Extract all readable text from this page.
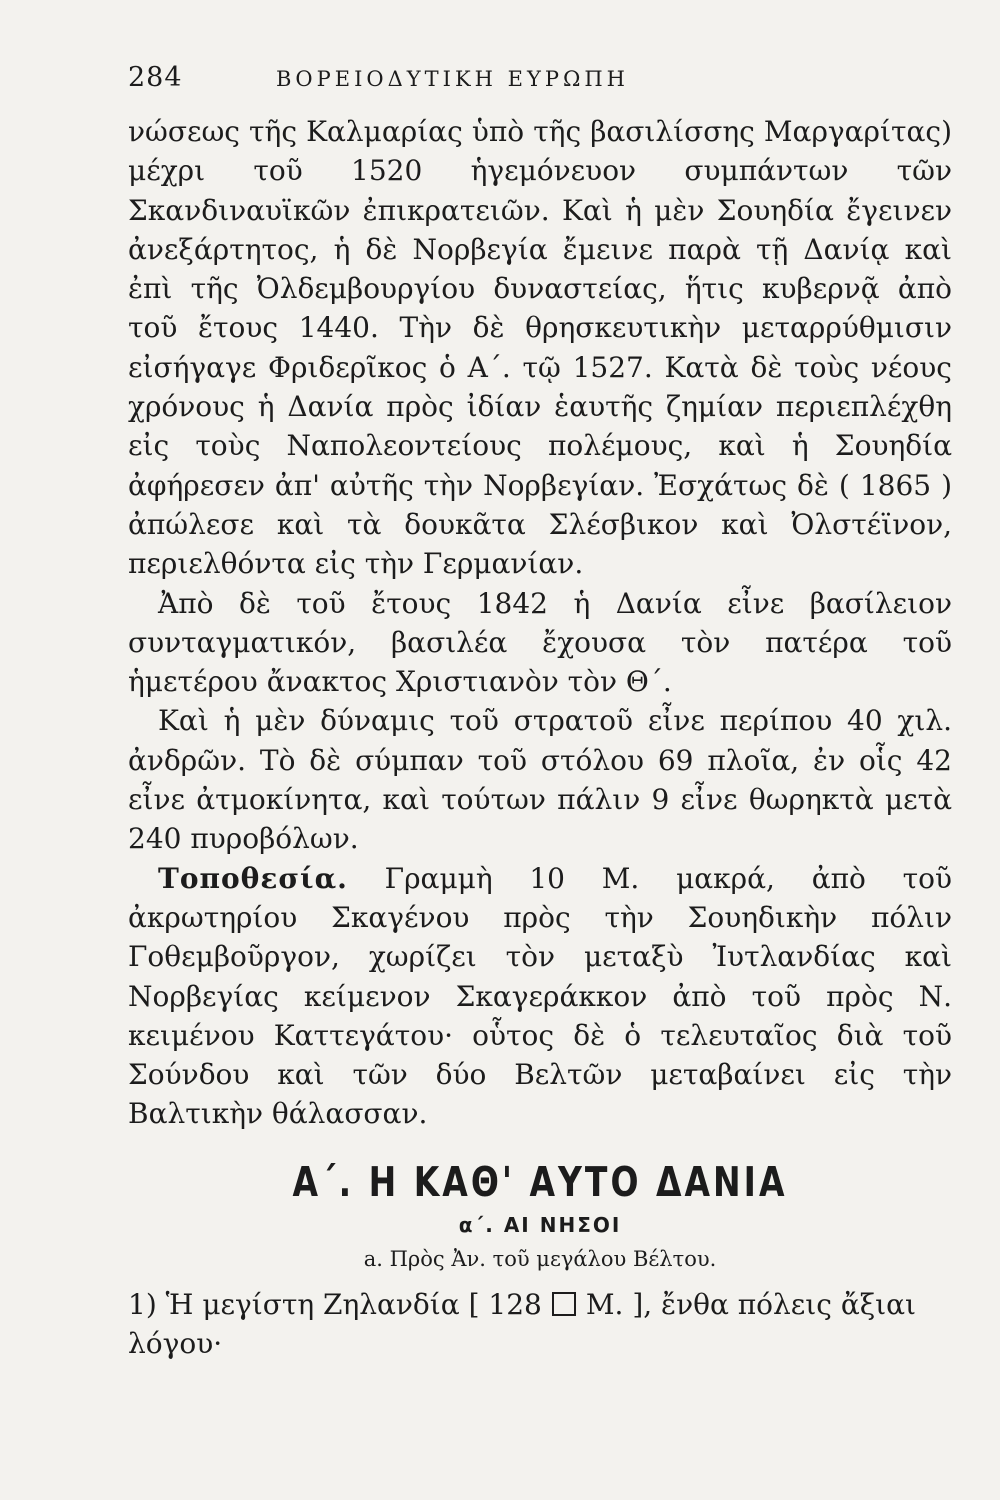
284	ΒΟΡΕΙΟΔΥΤΙΚΗ ΕΥΡΩΠΗ

νώσεως τῆς Καλμαρίας ὑπὸ τῆς βασιλίσσης Μαργαρίτας) μέχρι τοῦ 1520 ἡγεμόνευον συμπάντων τῶν Σκανδιναυϊκῶν ἐπικρατειῶν. Καὶ ἡ μὲν Σουηδία ἔγεινεν ἀνεξάρτητος, ἡ δὲ Νορβεγία ἔμεινε παρὰ τῇ Δανίᾳ καὶ ἐπὶ τῆς Ὀλδεμβουργίου δυναστείας, ἥτις κυβερνᾷ ἀπὸ τοῦ ἔτους 1440. Τὴν δὲ θρησκευτικὴν μεταρρύθμισιν εἰσήγαγε Φριδερῖκος ὁ Α΄. τῷ 1527. Κατὰ δὲ τοὺς νέους χρόνους ἡ Δανία πρὸς ἰδίαν ἑαυτῆς ζημίαν περιεπλέχθη εἰς τοὺς Ναπολεοντείους πολέμους, καὶ ἡ Σουηδία ἀφήρεσεν ἀπ' αὐτῆς τὴν Νορβεγίαν. Ἐσχάτως δὲ ( 1865 ) ἀπώλεσε καὶ τὰ δουκᾶτα Σλέσβικον καὶ Ὀλστέϊνον, περιελθόντα εἰς τὴν Γερμανίαν.

Ἀπὸ δὲ τοῦ ἔτους 1842 ἡ Δανία εἶνε βασίλειον συνταγματικόν, βασιλέα ἔχουσα τὸν πατέρα τοῦ ἡμετέρου ἄνακτος Χριστιανὸν τὸν Θ΄.

Καὶ ἡ μὲν δύναμις τοῦ στρατοῦ εἶνε περίπου 40 χιλ. ἀνδρῶν. Τὸ δὲ σύμπαν τοῦ στόλου 69 πλοῖα, ἐν οἷς 42 εἶνε ἀτμοκίνητα, καὶ τούτων πάλιν 9 εἶνε θωρηκτὰ μετὰ 240 πυροβόλων.

Τοποθεσία. Γραμμὴ 10 Μ. μακρά, ἀπὸ τοῦ ἀκρωτηρίου Σκαγένου πρὸς τὴν Σουηδικὴν πόλιν Γοθεμβοῦργον, χωρίζει τὸν μεταξὺ Ἰυτλανδίας καὶ Νορβεγίας κείμενον Σκαγεράκκον ἀπὸ τοῦ πρὸς Ν. κειμένου Καττεγάτου· οὗτος δὲ ὁ τελευταῖος διὰ τοῦ Σούνδου καὶ τῶν δύο Βελτῶν μεταβαίνει εἰς τὴν Βαλτικὴν θάλασσαν.

Α΄. Η ΚΑΘ' ΑΥΤΟ ΔΑΝΙΑ
α΄. ΑΙ ΝΗΣΟΙ
a. Πρὸς Ἀν. τοῦ μεγάλου Βέλτου.

1) Ἡ μεγίστη Ζηλανδία [ 128 Μ. ], ἔνθα πόλεις ἄξιαι λόγου·
